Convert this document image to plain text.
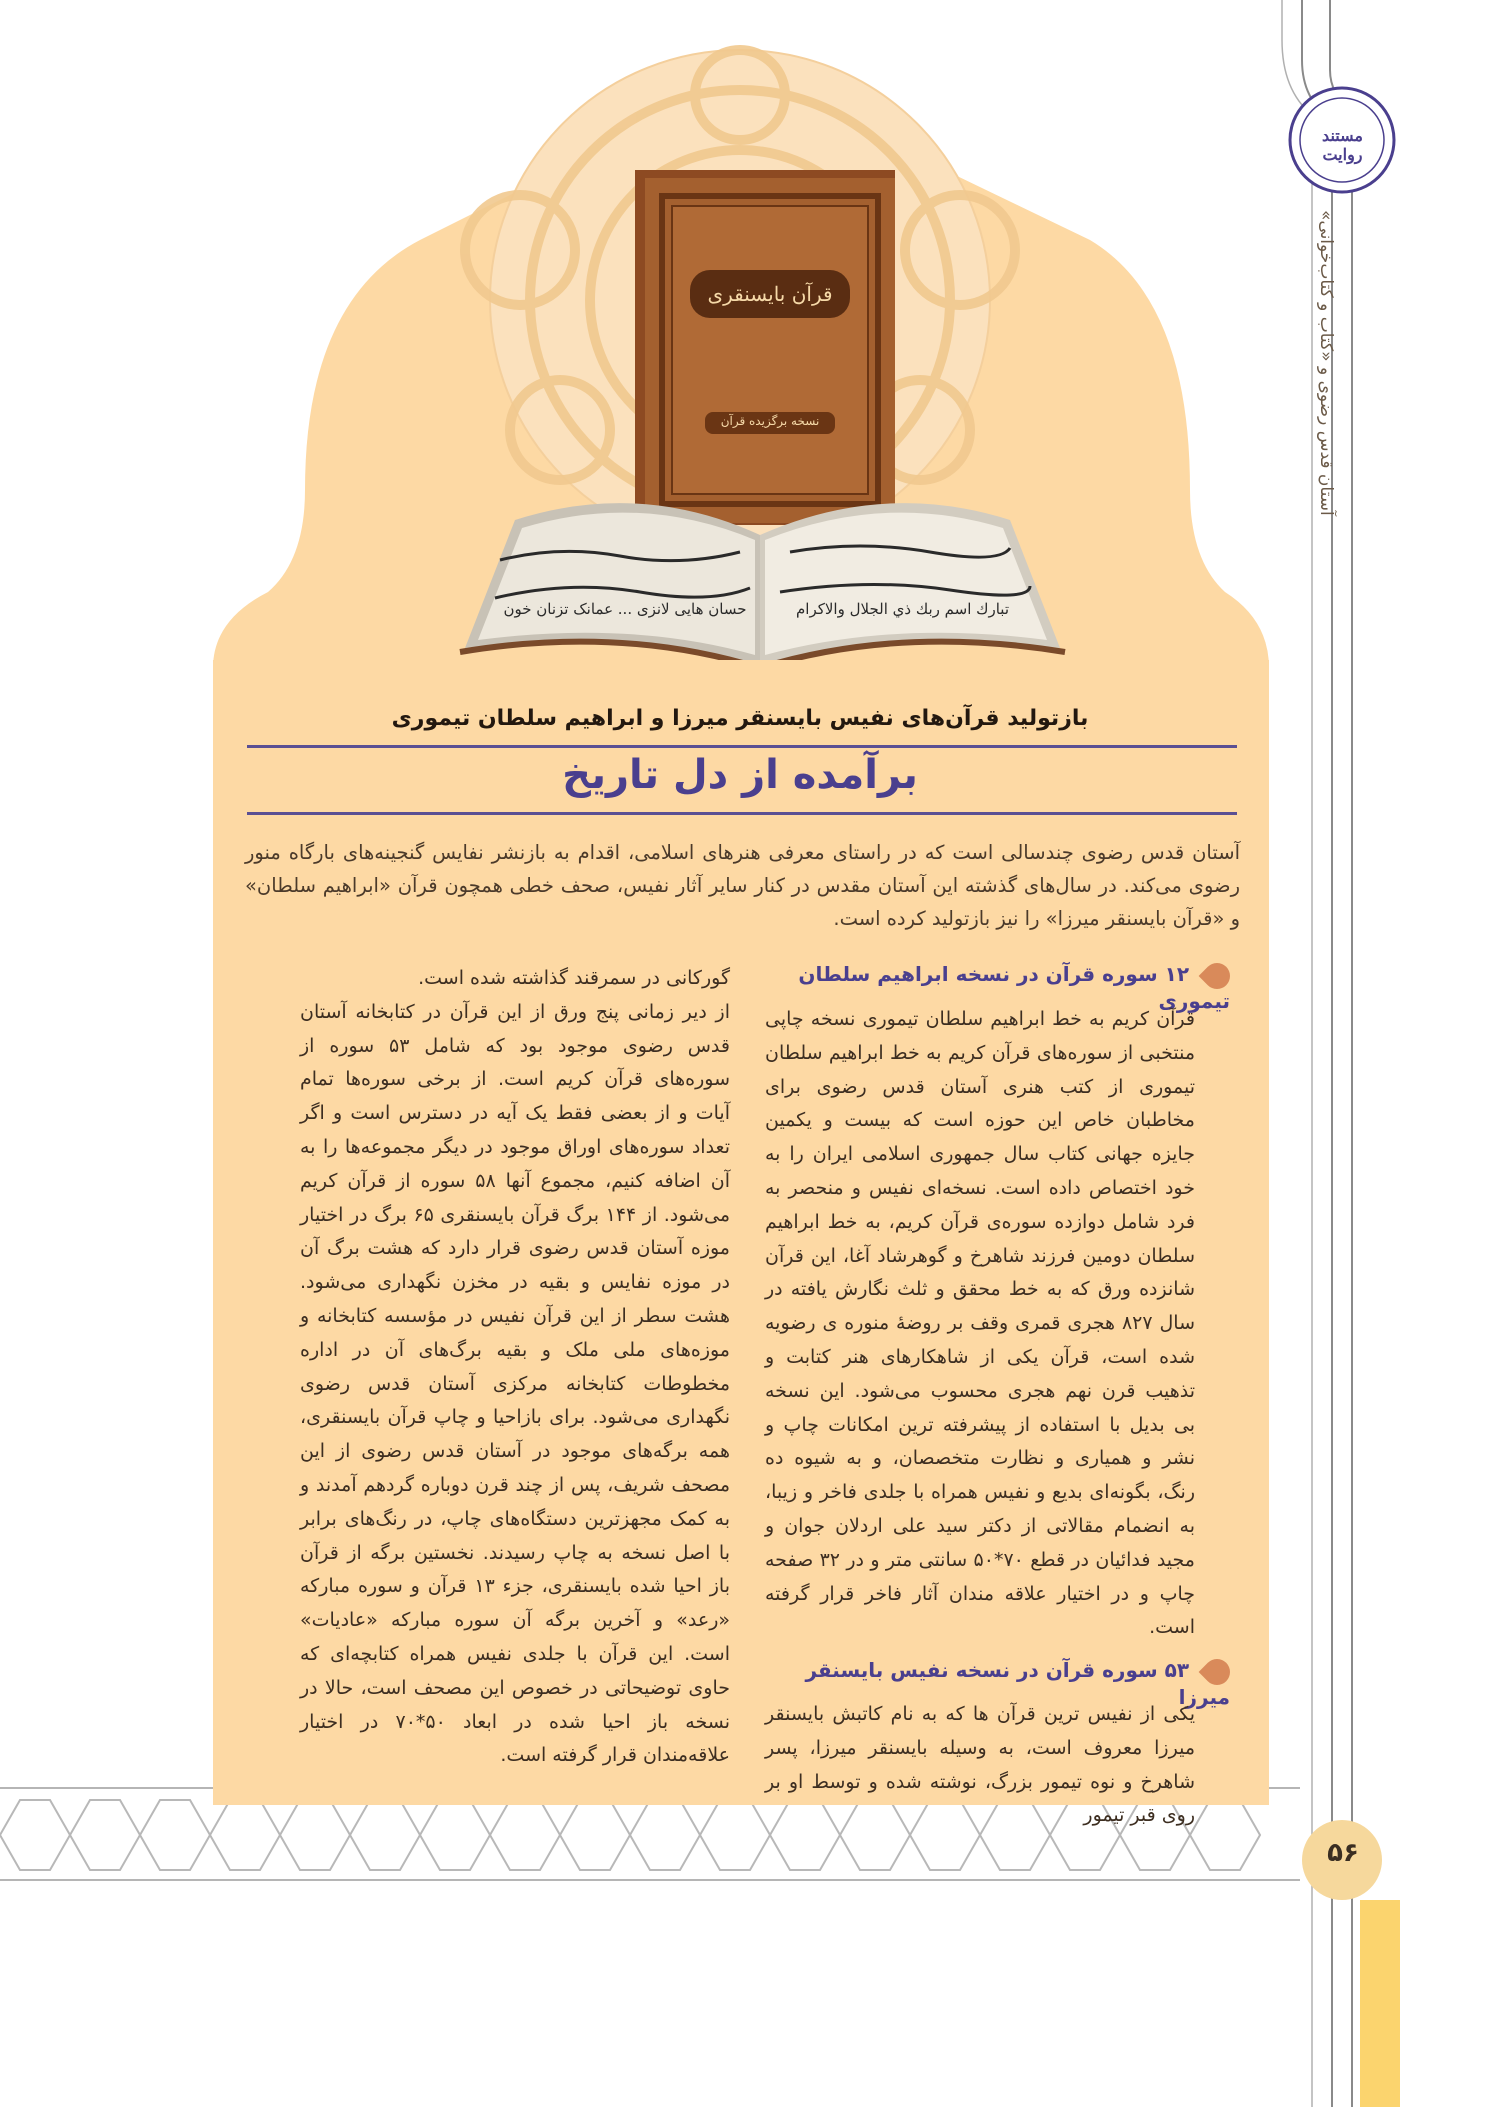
قرآن بایسنقری
نسخه برگزیده قرآن
حسان هایی لانزی ... عمانک تزنان خون	تبارك اسم ربك ذي الجلال والاكرام
مستند روایت
آستان قدس رضوی و «کتاب و کتاب‌خوانی»
بازتولید قرآن‌های نفیس بایسنقر میرزا و ابراهیم سلطان تیموری
برآمده از دل تاریخ
آستان قدس رضوی چندسالی است که در راستای معرفی هنرهای اسلامی، اقدام به بازنشر نفایس گنجینه‌های بارگاه منور رضوی می‌کند. در سال‌های گذشته این آستان مقدس در کنار سایر آثار نفیس، صحف خطی همچون قرآن «ابراهیم سلطان» و «قرآن بایسنقر میرزا» را نیز بازتولید کرده است.
۱۲ سوره قرآن در نسخه ابراهیم سلطان تیموری
قرآن کریم به خط ابراهیم سلطان تیموری نسخه چاپی منتخبی از سوره‌های قرآن کریم به خط ابراهیم سلطان تیموری از کتب هنری آستان قدس رضوی برای مخاطبان خاص این حوزه است که بیست و یکمین جایزه جهانی کتاب سال جمهوری اسلامی ایران را به خود اختصاص داده است. نسخه‌ای نفیس و منحصر به فرد شامل دوازده سوره‌ی قرآن کریم، به خط ابراهیم سلطان دومین فرزند شاهرخ و گوهرشاد آغا، این قرآن شانزده ورق که به خط محقق و ثلث نگارش یافته در سال ۸۲۷ هجری قمری وقف بر روضهٔ منوره ی رضویه شده است، قرآن یکی از شاهکارهای هنر کتابت و تذهیب قرن نهم هجری محسوب می‌شود. این نسخه بی بدیل با استفاده از پیشرفته ترین امکانات چاپ و نشر و همیاری و نظارت متخصصان، و به شیوه ده رنگ، بگونه‌ای بدیع و نفیس همراه با جلدی فاخر و زیبا، به انضمام مقالاتی از دکتر سید علی اردلان جوان و مجید فدائیان در قطع ۷۰*۵۰ سانتی متر و در ۳۲ صفحه چاپ و در اختیار علاقه مندان آثار فاخر قرار گرفته است.
۵۳ سوره قرآن در نسخه نفیس بایسنقر میرزا
یکی از نفیس ترین قرآن ها که به نام کاتبش بایسنقر میرزا معروف است، به وسیله بایسنقر میرزا، پسر شاهرخ و نوه تیمور بزرگ، نوشته شده و توسط او بر روی قبر تیمور

گورکانی در سمرقند گذاشته شده است.

از دیر زمانی پنج ورق از این قرآن در کتابخانه آستان قدس رضوی موجود بود که شامل ۵۳ سوره از سوره‌های قرآن کریم است. از برخی سوره‌ها تمام آیات و از بعضی فقط یک آیه در دسترس است و اگر تعداد سوره‌های اوراق موجود در دیگر مجموعه‌ها را به آن اضافه کنیم، مجموع آنها ۵۸ سوره از قرآن کریم می‌شود. از ۱۴۴ برگ قرآن بایسنقری ۶۵ برگ در اختیار موزه آستان قدس رضوی قرار دارد که هشت برگ آن در موزه نفایس و بقیه در مخزن نگهداری می‌شود. هشت سطر از این قرآن نفیس در مؤسسه کتابخانه و موزه‌های ملی ملک و بقیه برگ‌های آن در اداره مخطوطات کتابخانه مرکزی آستان قدس رضوی نگهداری می‌شود. برای بازاحیا و چاپ قرآن بایسنقری، همه برگه‌های موجود در آستان قدس رضوی از این مصحف شریف، پس از چند قرن دوباره گردهم آمدند و به کمک مجهزترین دستگاه‌های چاپ، در رنگ‌های برابر با اصل نسخه به چاپ رسیدند. نخستین برگه از قرآن باز احیا شده بایسنقری، جزء ۱۳ قرآن و سوره مبارکه «رعد» و آخرین برگه آن سوره مبارکه «عادیات» است. این قرآن با جلدی نفیس همراه کتابچه‌ای که حاوی توضیحاتی در خصوص این مصحف است، حالا در نسخه باز احیا شده در ابعاد ۵۰*۷۰ در اختیار علاقه‌مندان قرار گرفته است.

۵۶
